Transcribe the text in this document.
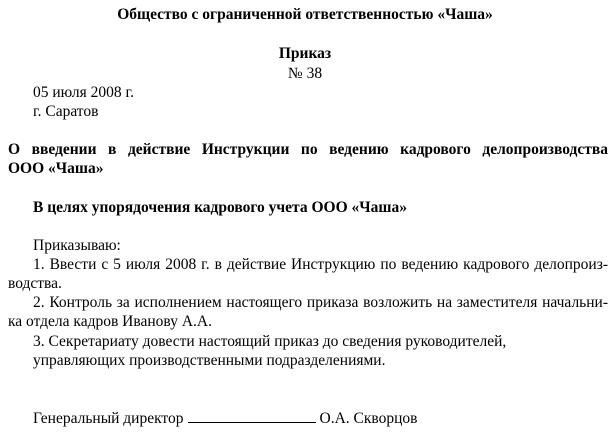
Общество с ограниченной ответственностью «Чаша»
Приказ
№ 38
05 июля 2008 г.
г. Саратов
О введении в действие Инструкции по ведению кадрового делопроизводства
ООО «Чаша»
В целях упорядочения кадрового учета ООО «Чаша»
Приказываю:
1. Ввести с 5 июля 2008 г. в действие Инструкцию по ведению кадрового делопроиз-
водства.
2. Контроль за исполнением настоящего приказа возложить на заместителя начальни-
ка отдела кадров Иванову А.А.
3. Секретариату довести настоящий приказ до сведения руководителей,
управляющих производственными подразделениями.
Генеральный директор	О.А. Скворцов
